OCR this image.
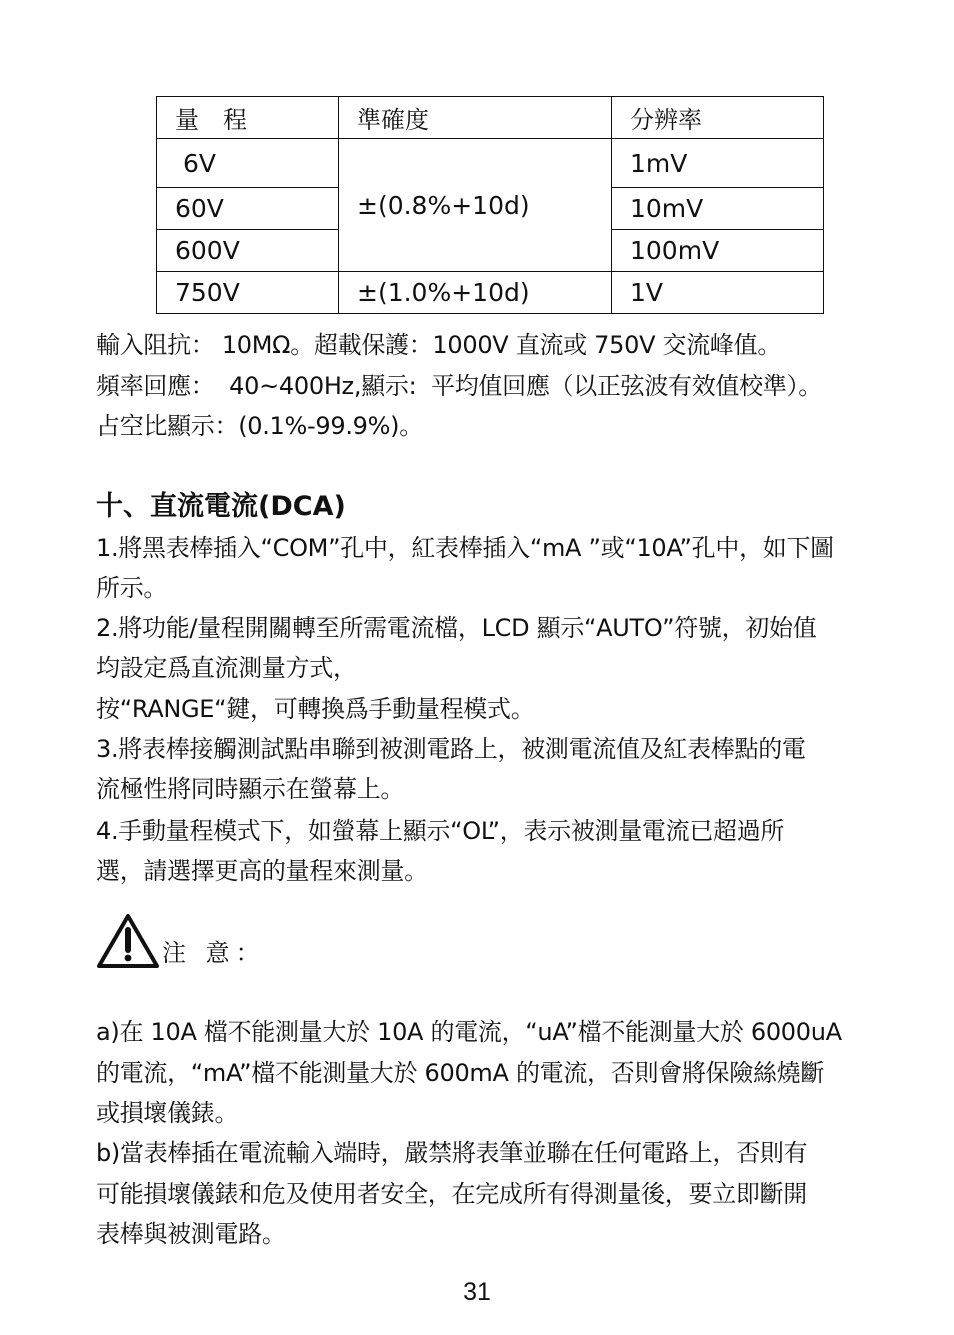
量　程	準確度	分辨率
6V	±(0.8%+10d)	1mV
60V		10mV
600V		100mV
750V	±(1.0%+10d)	1V
輸入阻抗： 10MΩ。超載保護：1000V 直流或 750V 交流峰值。
頻率回應：  40~400Hz,顯示:  平均值回應（以正弦波有效值校準）。
占空比顯示：(0.1%-99.9%)。
十、直流電流(DCA)
1.將黑表棒插入“COM”孔中，紅表棒插入“mA ”或“10A”孔中，如下圖
所示。
2.將功能/量程開關轉至所需電流檔，LCD 顯示“AUTO”符號，初始值
均設定爲直流測量方式，
按“RANGE“鍵，可轉換爲手動量程模式。
3.將表棒接觸測試點串聯到被測電路上，被測電流值及紅表棒點的電
流極性將同時顯示在螢幕上。
4.手動量程模式下，如螢幕上顯示“OL”，表示被測量電流已超過所
選，請選擇更高的量程來測量。
注 意：
a)在 10A 檔不能測量大於 10A 的電流，“uA”檔不能測量大於 6000uA
的電流，“mA”檔不能測量大於 600mA 的電流，否則會將保險絲燒斷
或損壞儀錶。
b)當表棒插在電流輸入端時，嚴禁將表筆並聯在任何電路上，否則有
可能損壞儀錶和危及使用者安全，在完成所有得測量後，要立即斷開
表棒與被測電路。
31
